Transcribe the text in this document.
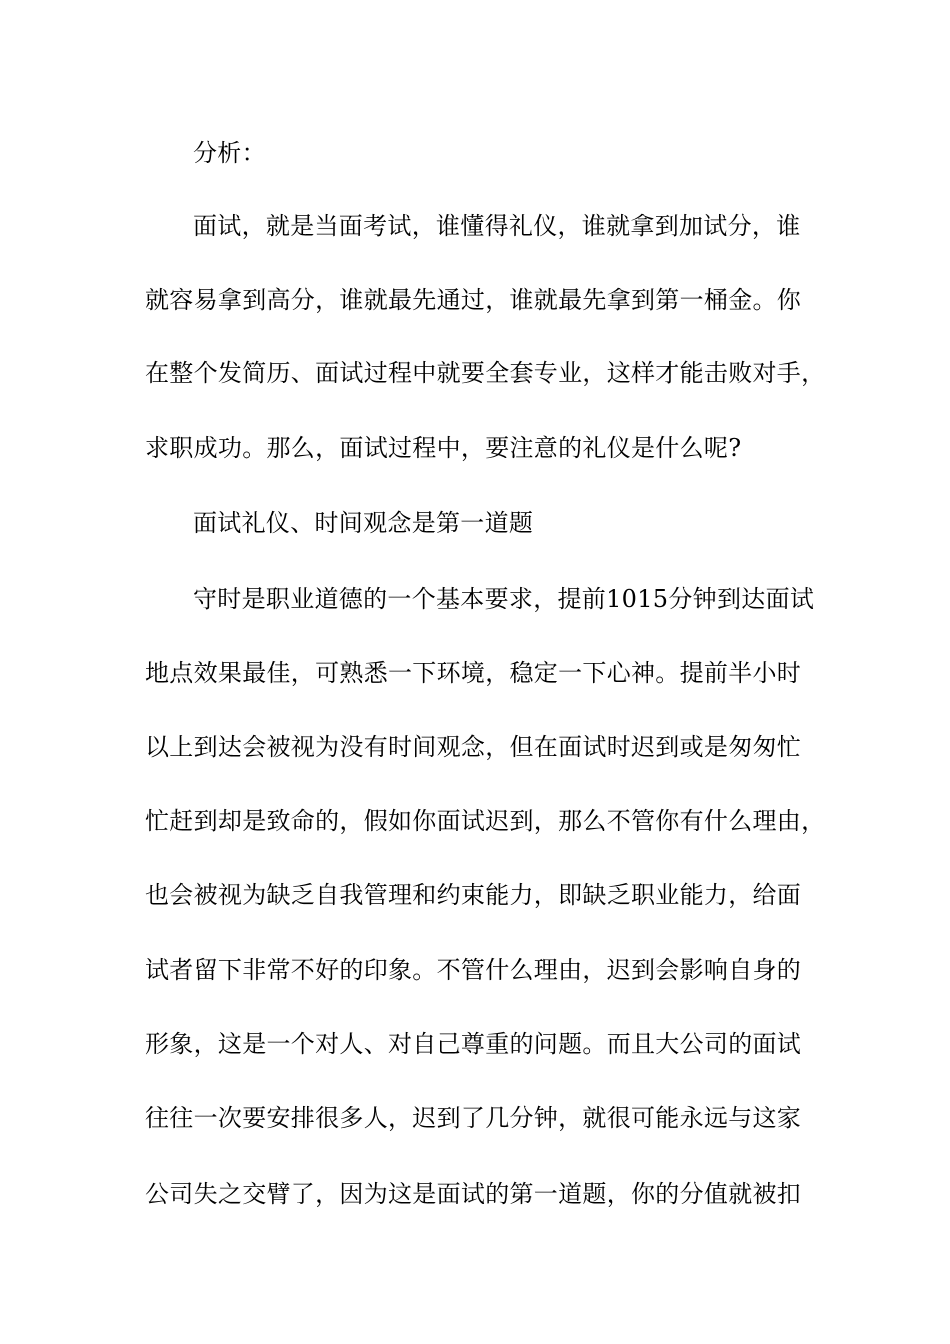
分析：
面试，就是当面考试，谁懂得礼仪，谁就拿到加试分，谁
就容易拿到高分，谁就最先通过，谁就最先拿到第一桶金。你
在整个发简历、面试过程中就要全套专业，这样才能击败对手，
求职成功。那么，面试过程中，要注意的礼仪是什么呢?
面试礼仪、时间观念是第一道题
守时是职业道德的一个基本要求，提前1015分钟到达面试
地点效果最佳，可熟悉一下环境，稳定一下心神。提前半小时
以上到达会被视为没有时间观念，但在面试时迟到或是匆匆忙
忙赶到却是致命的，假如你面试迟到，那么不管你有什么理由，
也会被视为缺乏自我管理和约束能力，即缺乏职业能力，给面
试者留下非常不好的印象。不管什么理由，迟到会影响自身的
形象，这是一个对人、对自己尊重的问题。而且大公司的面试
往往一次要安排很多人，迟到了几分钟，就很可能永远与这家
公司失之交臂了，因为这是面试的第一道题，你的分值就被扣
